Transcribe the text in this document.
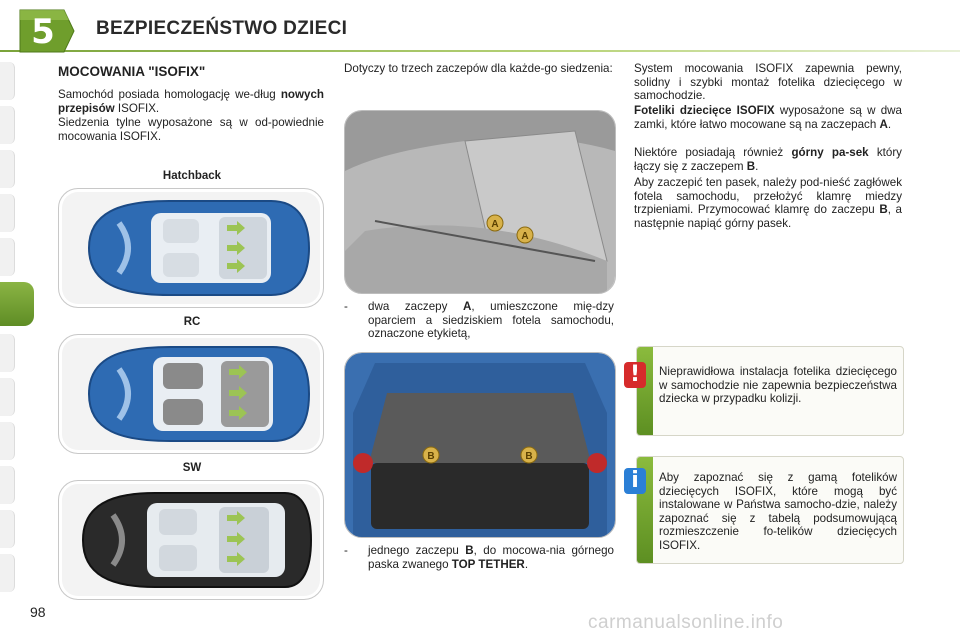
5	BEZPIECZEŃSTWO DZIECI
MOCOWANIA "ISOFIX"

Samochód posiada homologację we-dług nowych przepisów ISOFIX.

Siedzenia tylne wyposażone są w od-powiednie mocowania ISOFIX.

Hatchback
RC
SW

Dotyczy to trzech zaczepów dla każde-go siedzenia:

A
A
-	dwa zaczepy A, umieszczone mię-dzy oparciem a siedziskiem fotela samochodu, oznaczone etykietą,

B	B
-	jednego zaczepu B, do mocowa-nia górnego paska zwanego TOP TETHER.

System mocowania ISOFIX zapewnia pewny, solidny i szybki montaż fotelika dziecięcego w samochodzie.

Foteliki dziecięce ISOFIX wyposażone są w dwa zamki, które łatwo mocowane są na zaczepach A.

Niektóre posiadają również górny pa-sek który łączy się z zaczepem B.

Aby zaczepić ten pasek, należy pod-nieść zagłówek fotela samochodu, przełożyć klamrę miedzy trzpieniami. Przymocować klamrę do zaczepu B, a następnie napiąć górny pasek.

Nieprawidłowa instalacja fotelika dziecięcego w samochodzie nie zapewnia bezpieczeństwa dziecka w przypadku kolizji.
!
Aby zapoznać się z gamą fotelików dziecięcych ISOFIX, które mogą być instalowane w Państwa samocho-dzie, należy zapoznać się z tabelą podsumowującą rozmieszczenie fo-telików dziecięcych ISOFIX.
i
98	carmanualsonline.info
